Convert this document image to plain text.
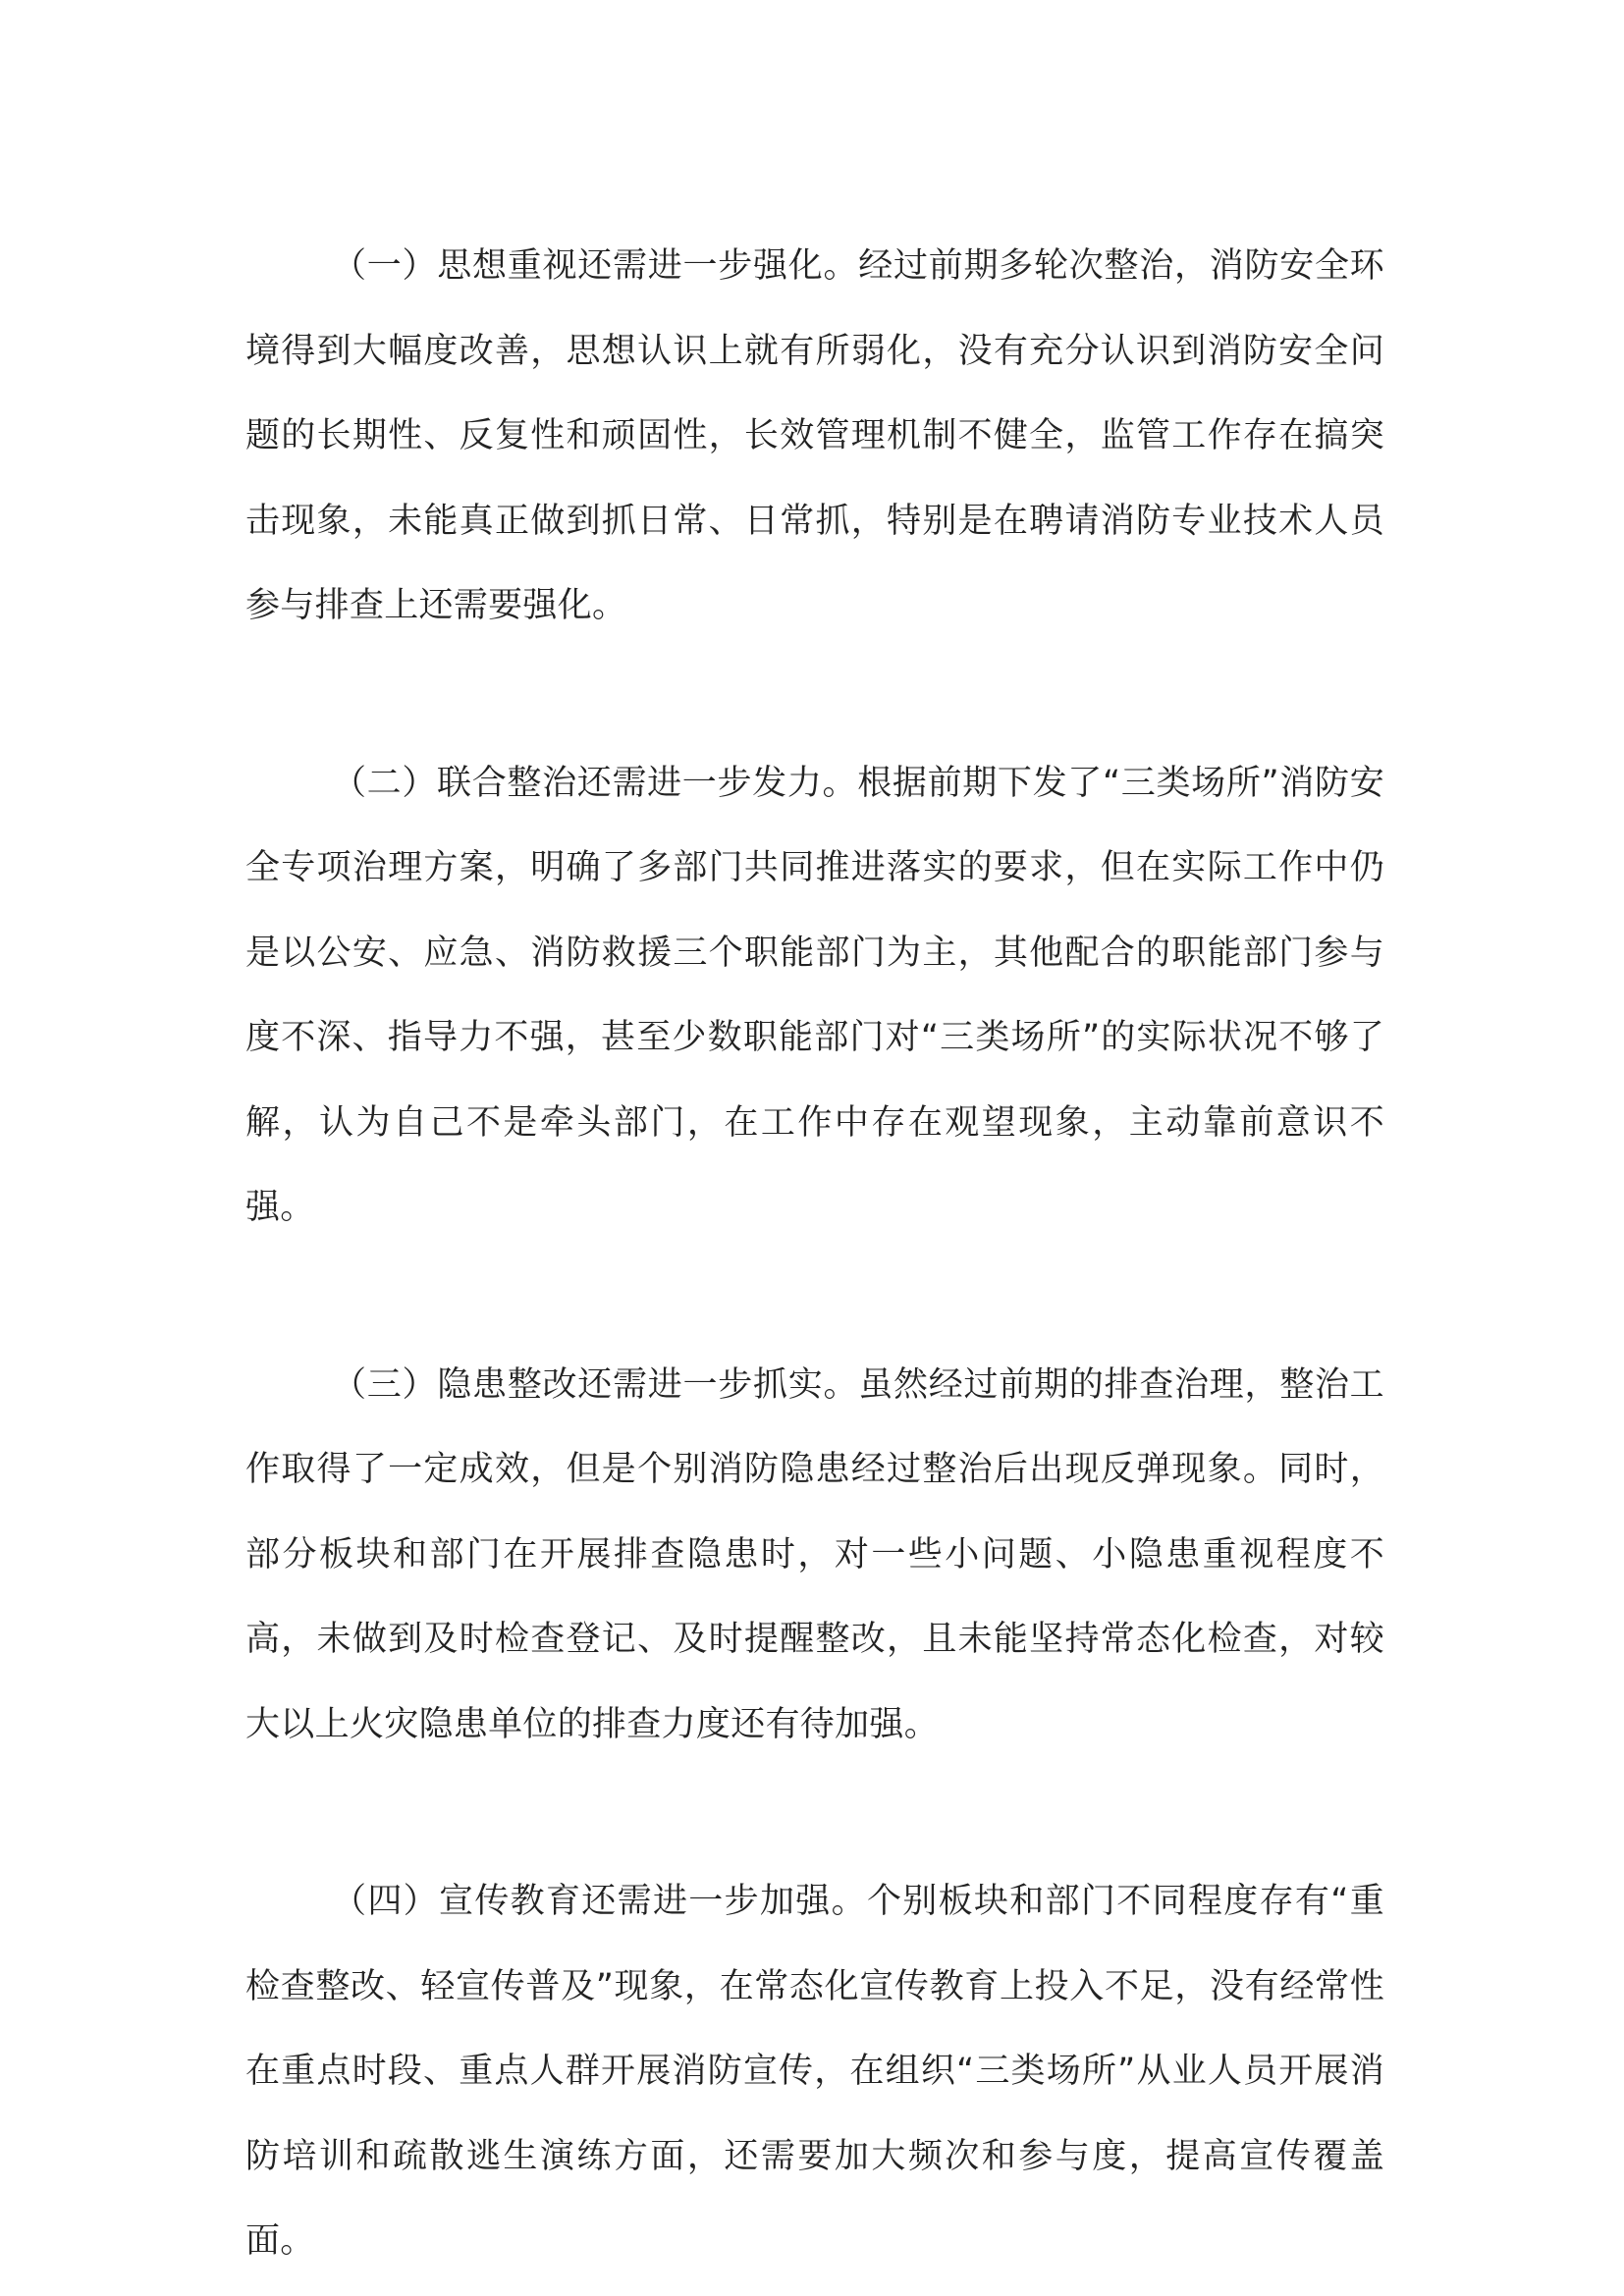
（一）思想重视还需进一步强化。经过前期多轮次整治，消防安全环境得到大幅度改善，思想认识上就有所弱化，没有充分认识到消防安全问题的长期性、反复性和顽固性，长效管理机制不健全，监管工作存在搞突击现象，未能真正做到抓日常、日常抓，特别是在聘请消防专业技术人员参与排查上还需要强化。

（二）联合整治还需进一步发力。根据前期下发了“三类场所”消防安全专项治理方案，明确了多部门共同推进落实的要求，但在实际工作中仍是以公安、应急、消防救援三个职能部门为主，其他配合的职能部门参与度不深、指导力不强，甚至少数职能部门对“三类场所”的实际状况不够了解，认为自己不是牵头部门，在工作中存在观望现象，主动靠前意识不强。

（三）隐患整改还需进一步抓实。虽然经过前期的排查治理，整治工作取得了一定成效，但是个别消防隐患经过整治后出现反弹现象。同时，部分板块和部门在开展排查隐患时，对一些小问题、小隐患重视程度不高，未做到及时检查登记、及时提醒整改，且未能坚持常态化检查，对较大以上火灾隐患单位的排查力度还有待加强。

（四）宣传教育还需进一步加强。个别板块和部门不同程度存有“重检查整改、轻宣传普及”现象，在常态化宣传教育上投入不足，没有经常性在重点时段、重点人群开展消防宣传，在组织“三类场所”从业人员开展消防培训和疏散逃生演练方面，还需要加大频次和参与度，提高宣传覆盖面。
